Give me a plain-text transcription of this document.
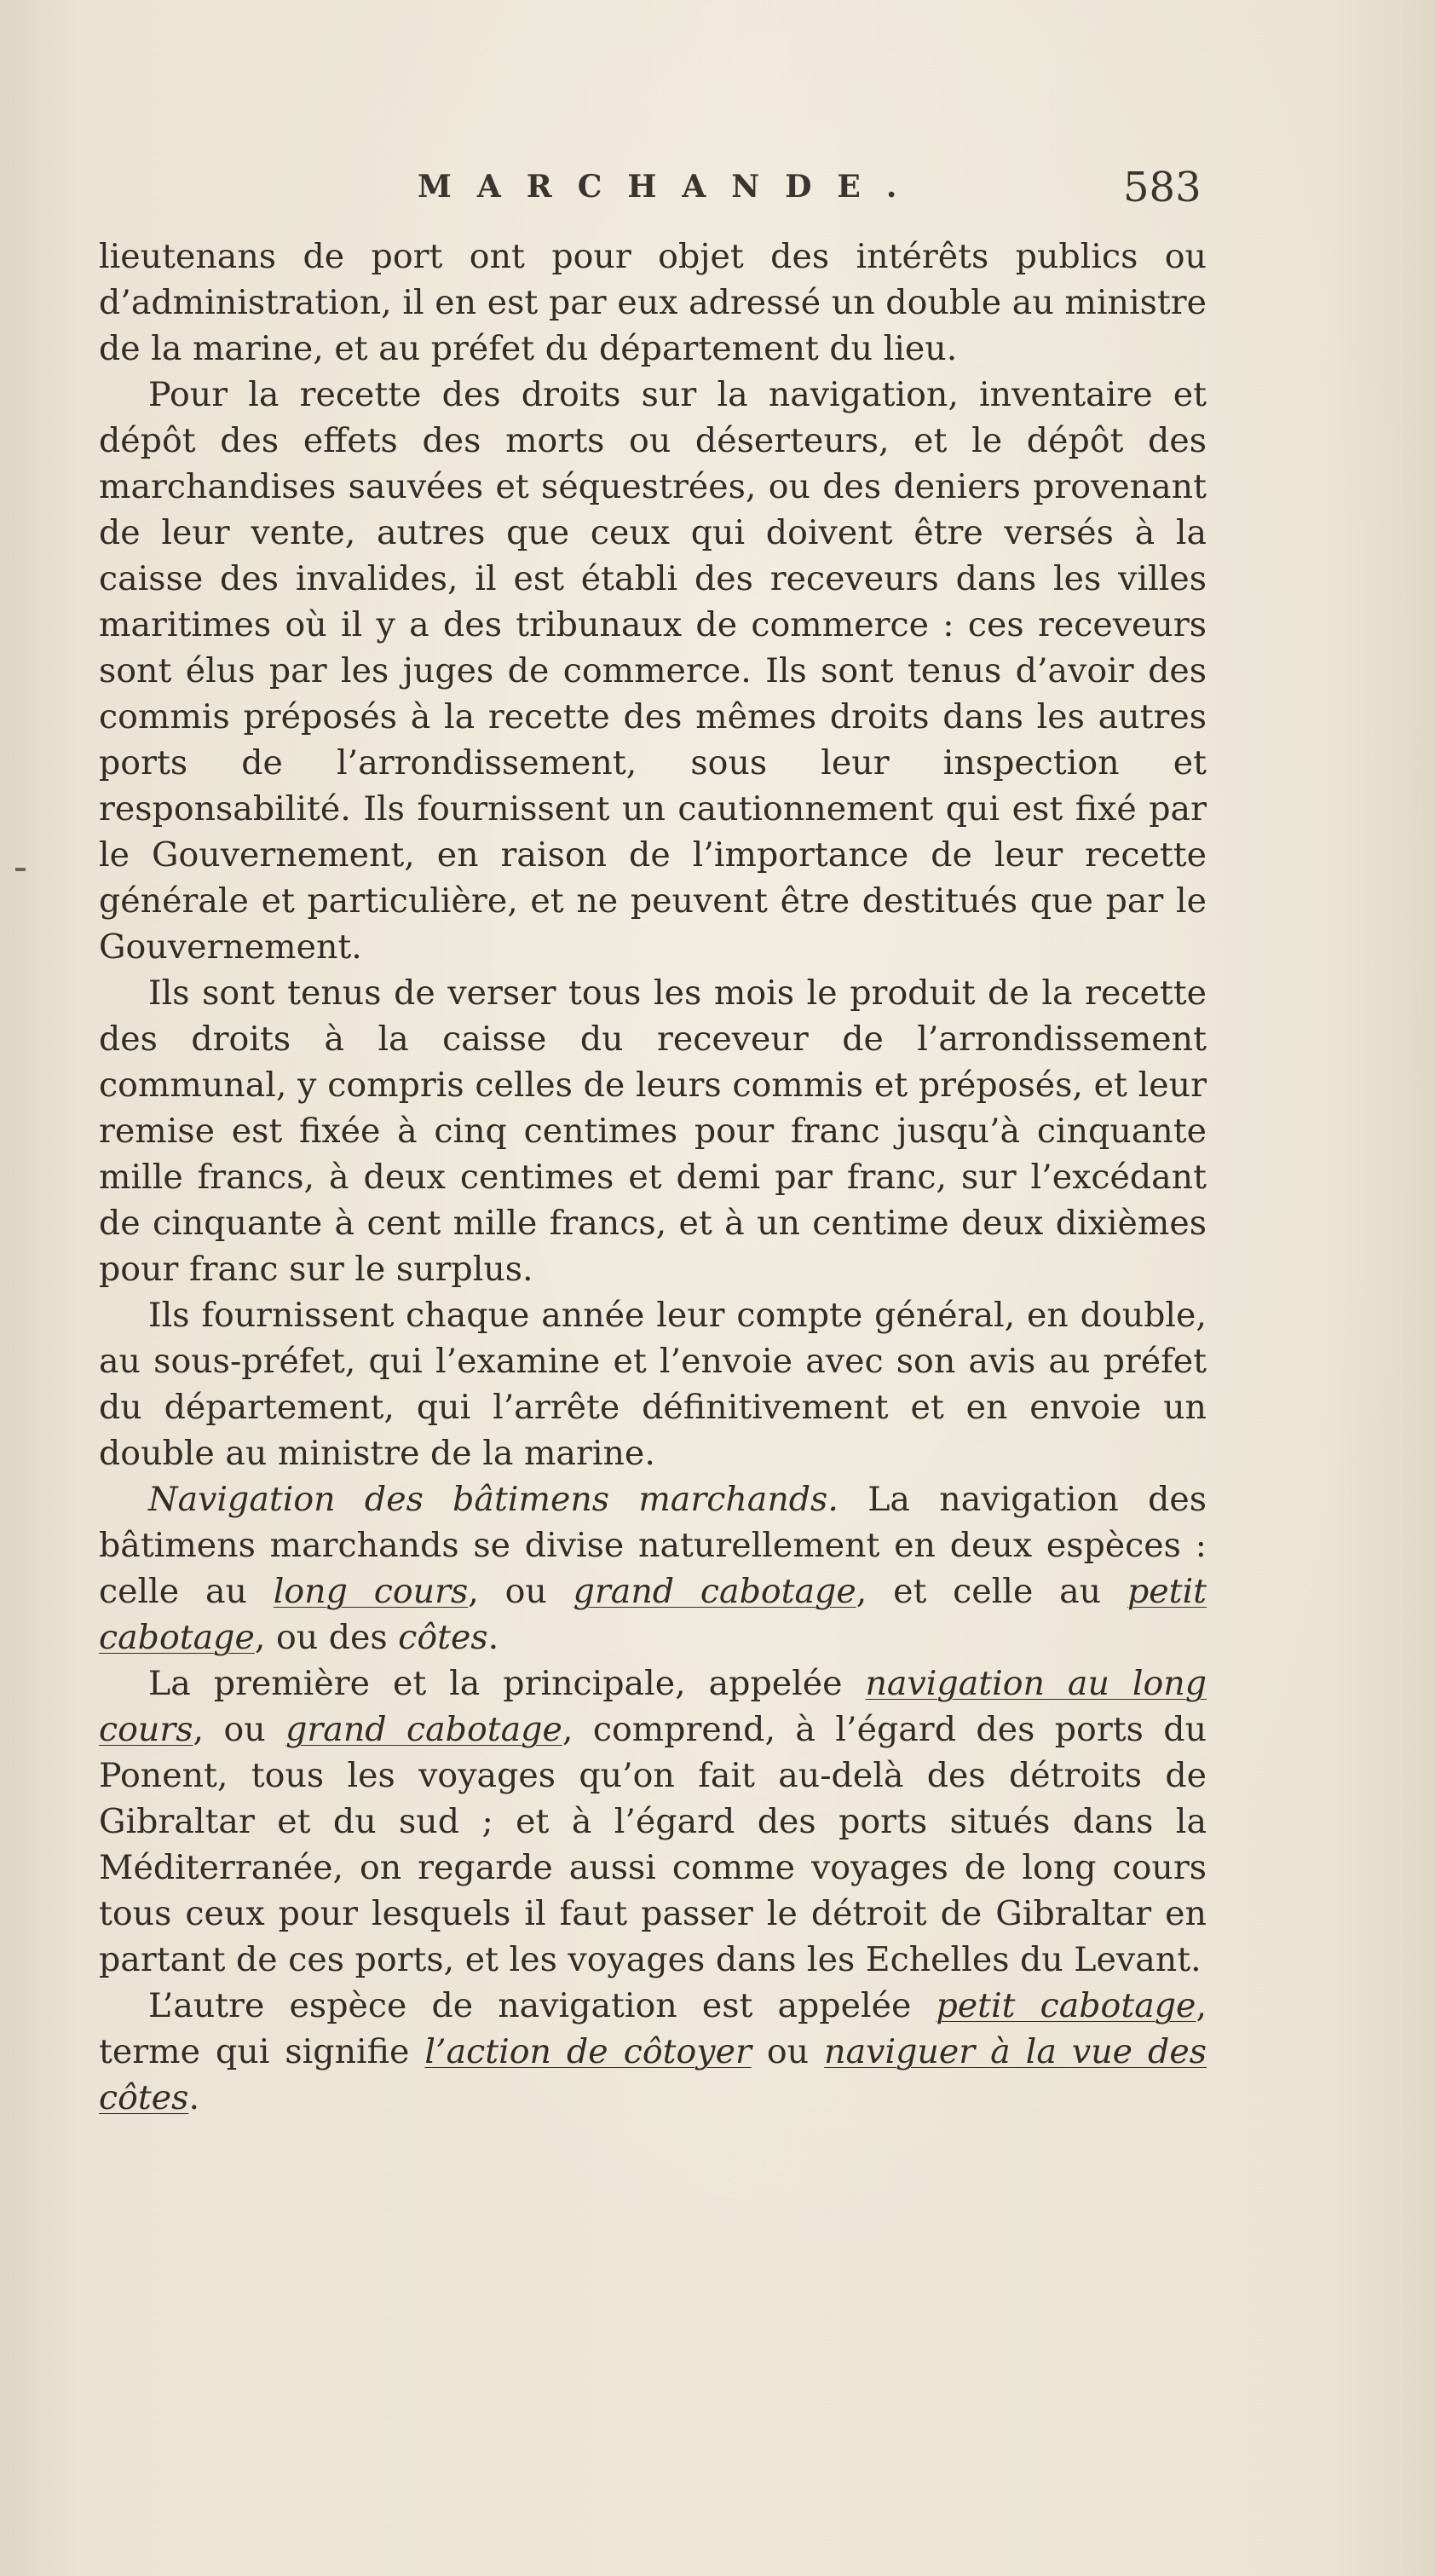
MARCHANDE.	583

lieutenans de port ont pour objet des intérêts publics ou d’administration, il en est par eux adressé un double au ministre de la marine, et au préfet du département du lieu.

Pour la recette des droits sur la navigation, inventaire et dépôt des effets des morts ou déserteurs, et le dépôt des marchandises sauvées et séquestrées, ou des deniers provenant de leur vente, autres que ceux qui doivent être versés à la caisse des invalides, il est établi des receveurs dans les villes maritimes où il y a des tribunaux de commerce : ces receveurs sont élus par les juges de commerce. Ils sont tenus d’avoir des commis préposés à la recette des mêmes droits dans les autres ports de l’arrondissement, sous leur inspection et responsabilité. Ils fournissent un cautionnement qui est fixé par le Gouvernement, en raison de l’importance de leur recette générale et particulière, et ne peuvent être destitués que par le Gouvernement.

Ils sont tenus de verser tous les mois le produit de la recette des droits à la caisse du receveur de l’arrondissement communal, y compris celles de leurs commis et préposés, et leur remise est fixée à cinq centimes pour franc jusqu’à cinquante mille francs, à deux centimes et demi par franc, sur l’excédant de cinquante à cent mille francs, et à un centime deux dixièmes pour franc sur le surplus.

Ils fournissent chaque année leur compte général, en double, au sous-préfet, qui l’examine et l’envoie avec son avis au préfet du département, qui l’arrête définitivement et en envoie un double au ministre de la marine.

Navigation des bâtimens marchands. La navigation des bâtimens marchands se divise naturellement en deux espèces : celle au long cours, ou grand cabotage, et celle au petit cabotage, ou des côtes.

La première et la principale, appelée navigation au long cours, ou grand cabotage, comprend, à l’égard des ports du Ponent, tous les voyages qu’on fait au-delà des détroits de Gibraltar et du sud ; et à l’égard des ports situés dans la Méditerranée, on regarde aussi comme voyages de long cours tous ceux pour lesquels il faut passer le détroit de Gibraltar en partant de ces ports, et les voyages dans les Echelles du Levant.

L’autre espèce de navigation est appelée petit cabotage, terme qui signifie l’action de côtoyer ou naviguer à la vue des côtes.
